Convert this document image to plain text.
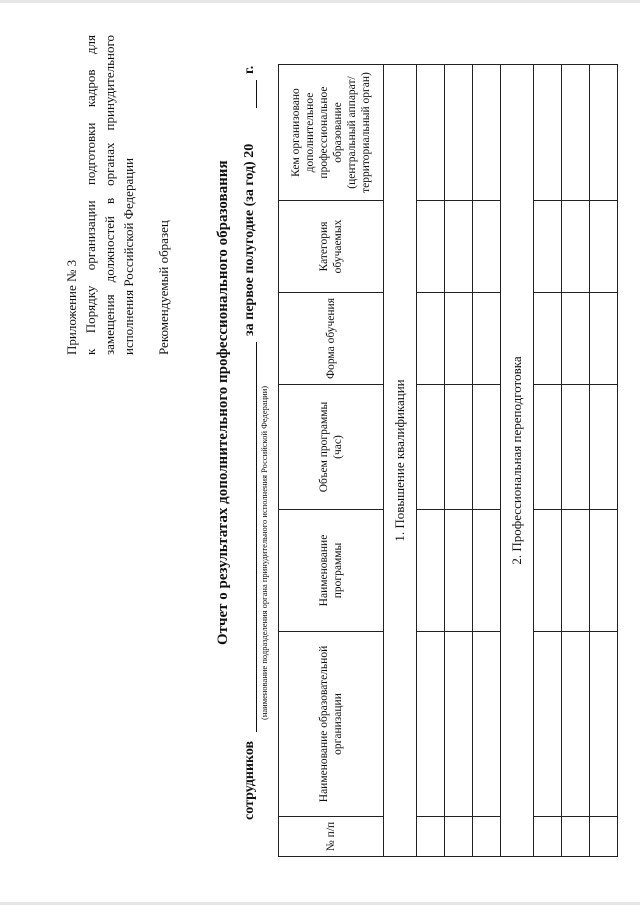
Приложение № 3 к Порядку организации подготовки кадров для замещения должностей в органах принудительного исполнения Российской Федерации Рекомендуемый образец	Отчет о результатах дополнительного профессионального образования
сотрудников
(наименование подразделения органа принудительного исполнения Российской Федерации)
за первое полугодие (за год) 20
г.
№ п/п	Наименование образовательной организации	Наименование программы	Объем программы (час)	Форма обучения	Категория обучаемых	Кем организовано дополнительное профессиональное образование (центральный аппарат/территориальный орган)
1. Повышение квалификации						

2. Профессиональная переподготовка						
